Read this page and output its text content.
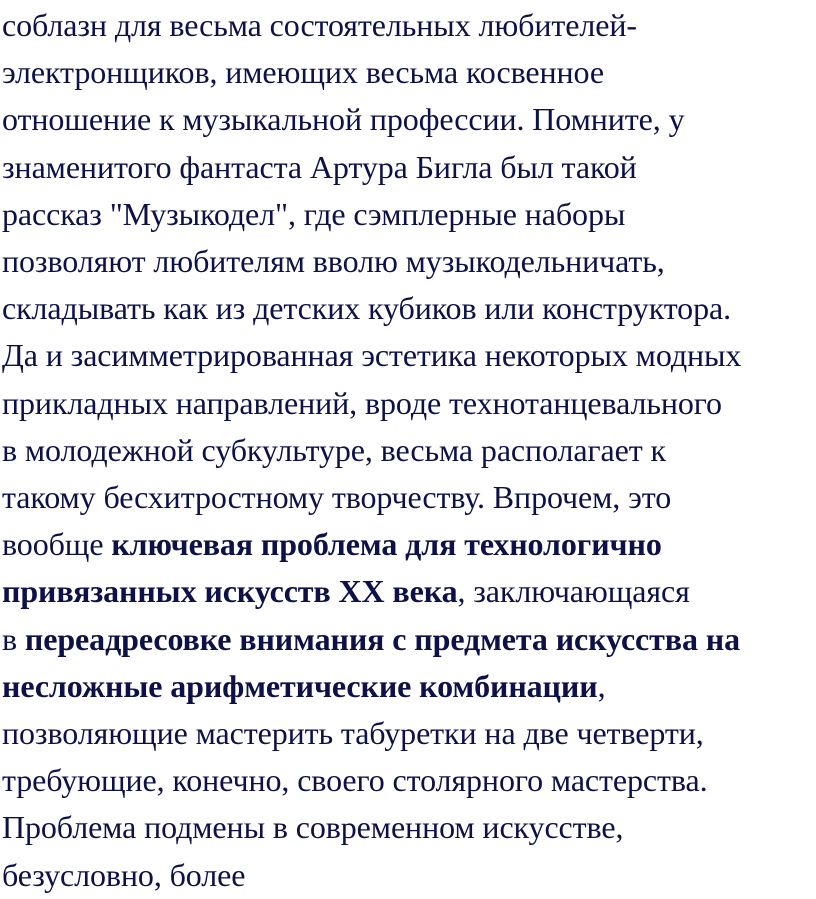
соблазн для весьма состоятельных любителей-
электронщиков, имеющих весьма косвенное
отношение к музыкальной профессии. Помните, у
знаменитого фантаста Артура Бигла был такой
рассказ "Музыкодел", где сэмплерные наборы
позволяют любителям вволю музыкодельничать,
складывать как из детских кубиков или конструктора.
Да и засимметрированная эстетика некоторых модных
прикладных направлений, вроде технотанцевального
в молодежной субкультуре, весьма располагает к
такому бесхитростному творчеству. Впрочем, это
вообще ключевая проблема для технологично
привязанных искусств XX века, заключающаяся
в переадресовке внимания с предмета искусства на
несложные арифметические комбинации,
позволяющие мастерить табуретки на две четверти,
требующие, конечно, своего столярного мастерства.
Проблема подмены в современном искусстве,
безусловно, более
